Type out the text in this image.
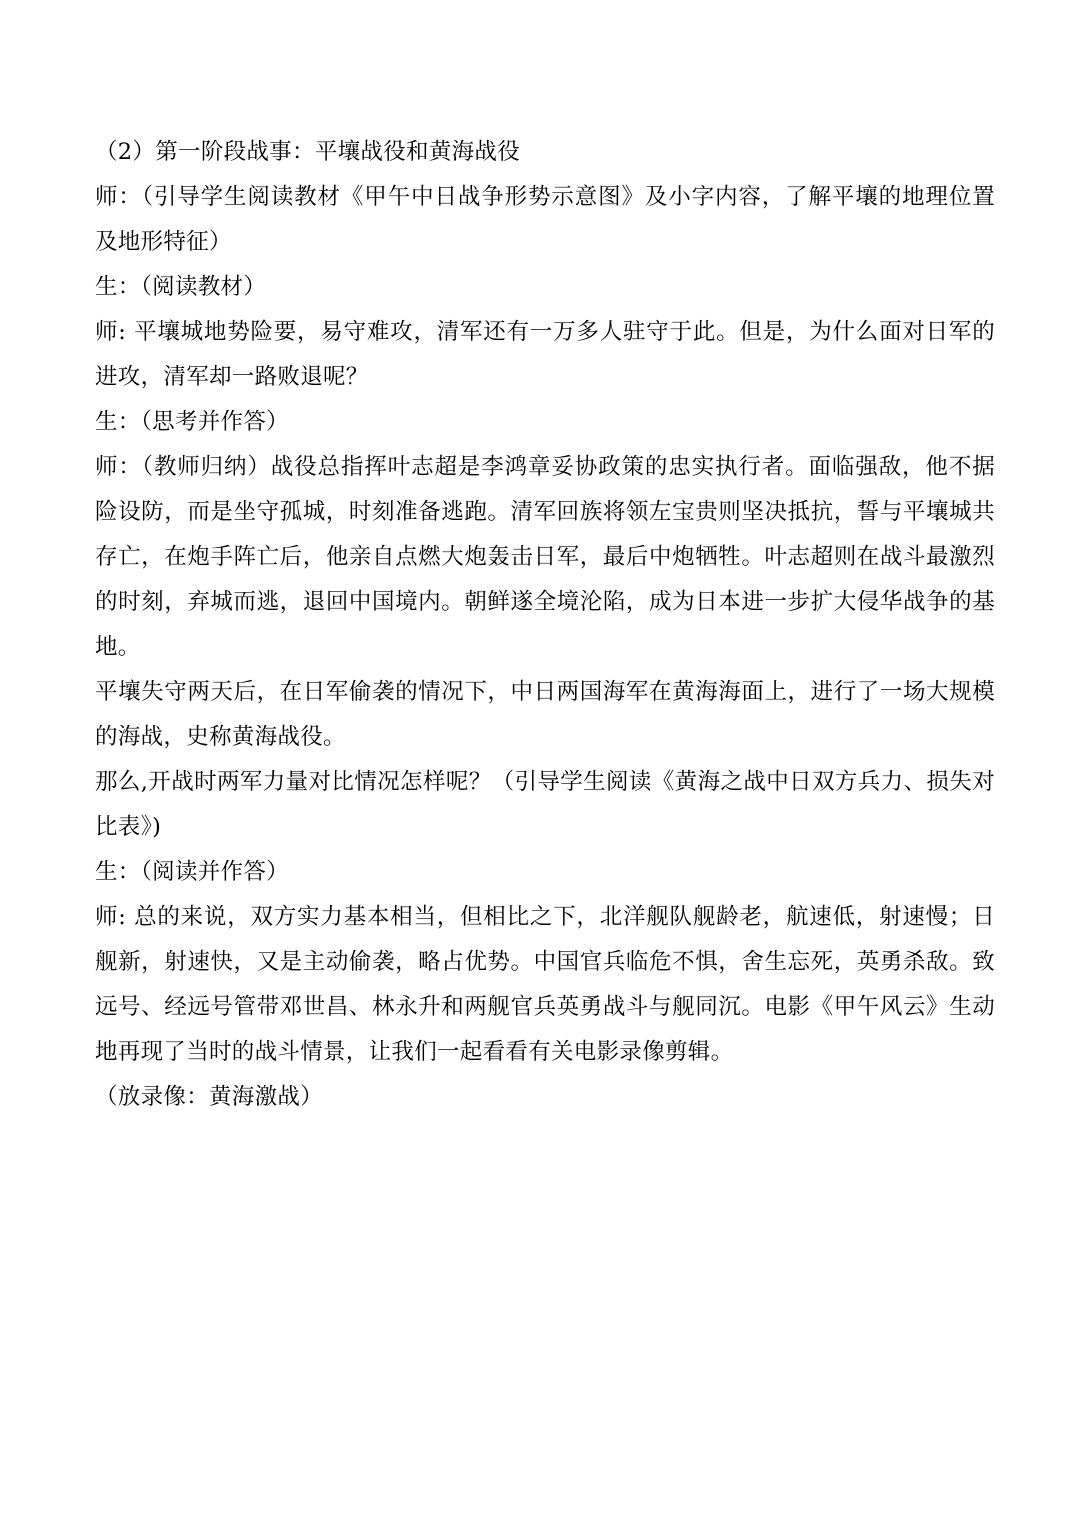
（2）第一阶段战事：平壤战役和黄海战役

师：（引导学生阅读教材《甲午中日战争形势示意图》及小字内容，了解平壤的地理位置及地形特征）

生：（阅读教材）

师: 平壤城地势险要，易守难攻，清军还有一万多人驻守于此。但是，为什么面对日军的进攻，清军却一路败退呢？

生：（思考并作答）

师：（教师归纳）战役总指挥叶志超是李鸿章妥协政策的忠实执行者。面临强敌，他不据险设防，而是坐守孤城，时刻准备逃跑。清军回族将领左宝贵则坚决抵抗，誓与平壤城共存亡，在炮手阵亡后，他亲自点燃大炮轰击日军，最后中炮牺牲。叶志超则在战斗最激烈的时刻，弃城而逃，退回中国境内。朝鲜遂全境沦陷，成为日本进一步扩大侵华战争的基地。

平壤失守两天后，在日军偷袭的情况下，中日两国海军在黄海海面上，进行了一场大规模的海战，史称黄海战役。

那么,开战时两军力量对比情况怎样呢？（引导学生阅读《黄海之战中日双方兵力、损失对比表》)

生：（阅读并作答）

师: 总的来说，双方实力基本相当，但相比之下，北洋舰队舰龄老，航速低，射速慢；日舰新，射速快，又是主动偷袭，略占优势。中国官兵临危不惧，舍生忘死，英勇杀敌。致远号、经远号管带邓世昌、林永升和两舰官兵英勇战斗与舰同沉。电影《甲午风云》生动地再现了当时的战斗情景，让我们一起看看有关电影录像剪辑。

（放录像：黄海激战）
